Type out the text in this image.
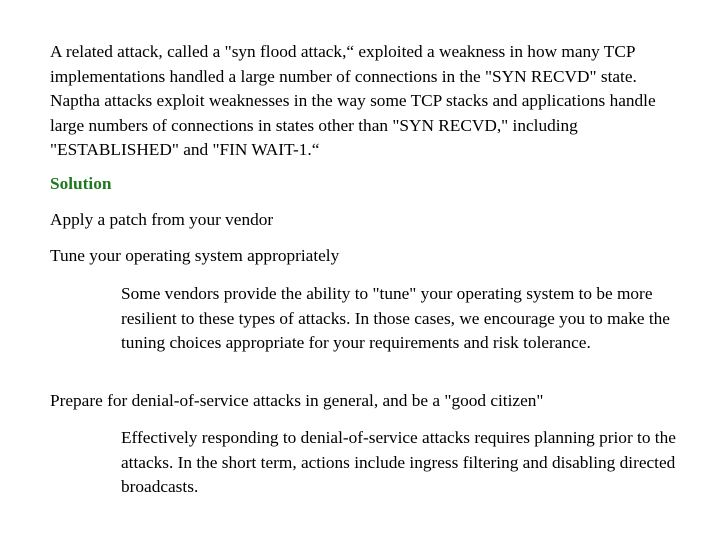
A related attack, called a "syn flood attack,“ exploited a weakness in how many TCP implementations handled a large number of connections in the "SYN RECVD" state. Naptha attacks exploit weaknesses in the way some TCP stacks and applications handle large numbers of connections in states other than "SYN RECVD," including "ESTABLISHED" and "FIN WAIT-1.“

Solution

Apply a patch from your vendor

Tune your operating system appropriately

Some vendors provide the ability to "tune" your operating system to be more resilient to these types of attacks. In those cases, we encourage you to make the tuning choices appropriate for your requirements and risk tolerance.

Prepare for denial-of-service attacks in general, and be a "good citizen"

Effectively responding to denial-of-service attacks requires planning prior to the attacks. In the short term, actions include ingress filtering and disabling directed broadcasts.
